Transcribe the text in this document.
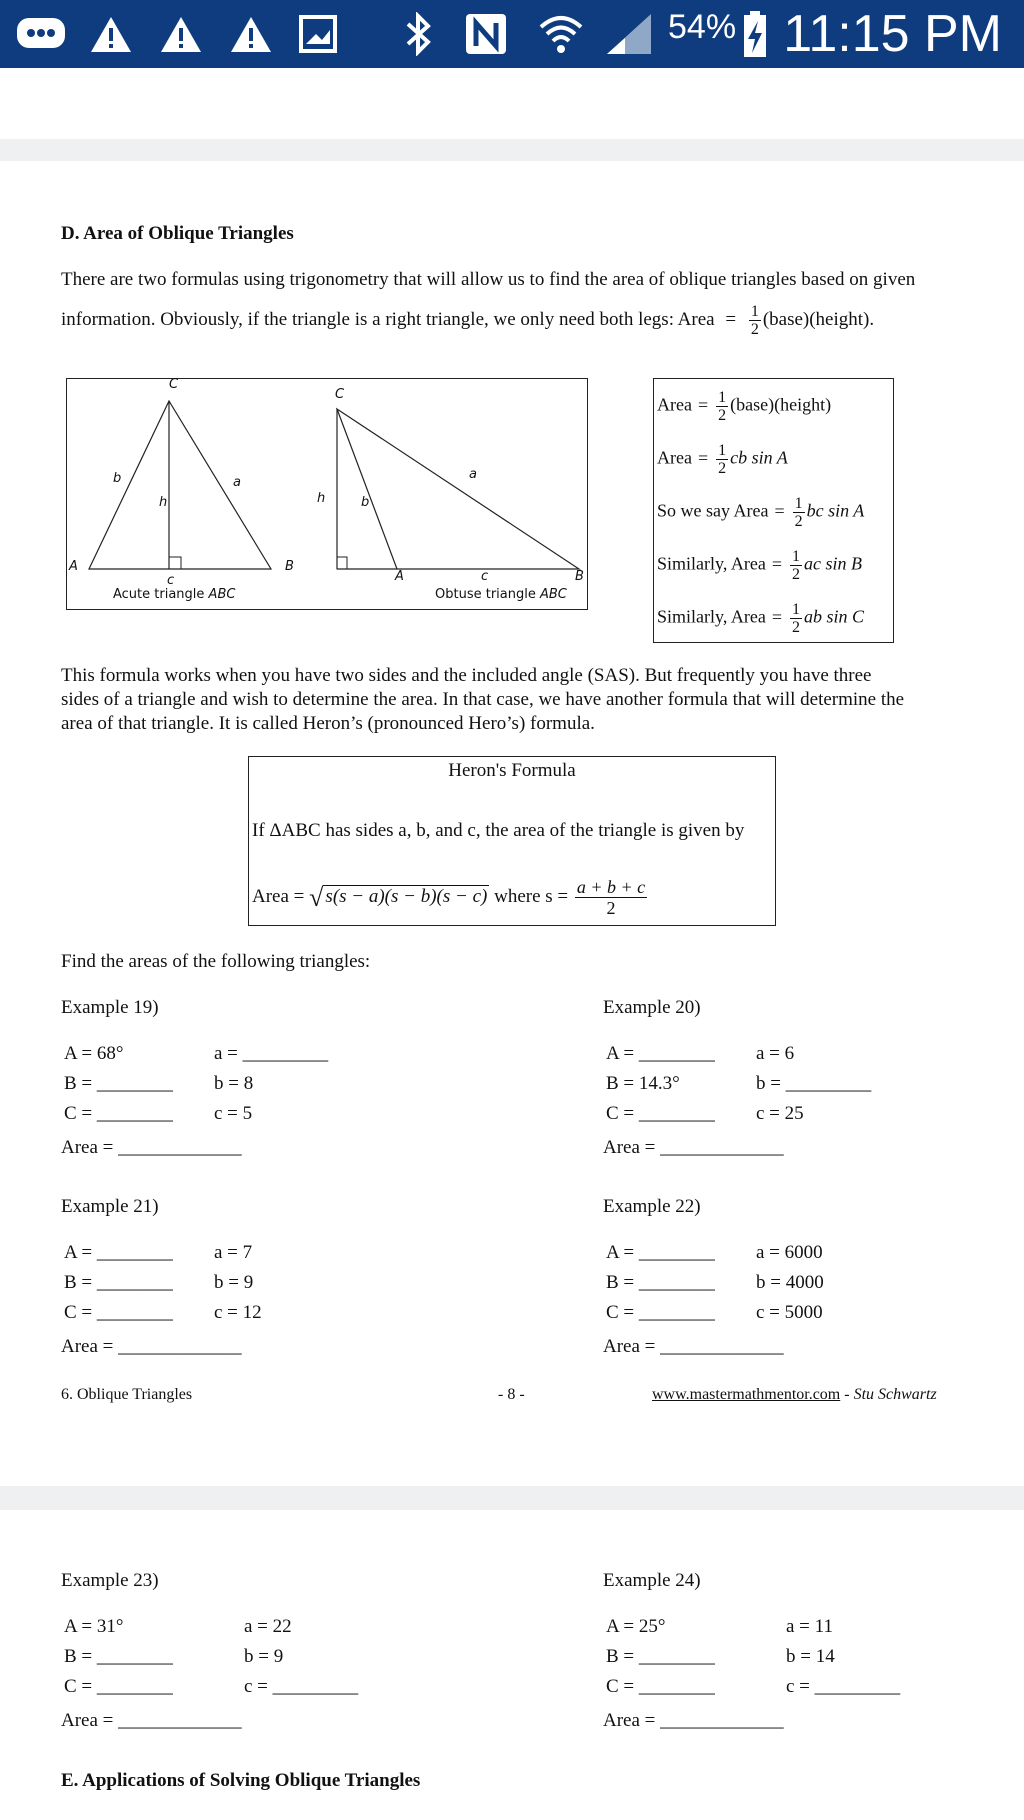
54% 11:15 PM
D. Area of Oblique Triangles
There are two formulas using trigonometry that will allow us to find the area of oblique triangles based on given
information. Obviously, if the triangle is a right triangle, we only need both legs: Area = $\frac{1}{2}$ (base)(height).
C
b	a
h
A	B
c
Acute triangle ABC
C
h	b
a
A	c	B
Obtuse triangle ABC
Area = $\frac{1}{2}$ (base)(height)
Area = $\frac{1}{2}$ cb sin A
So we say Area = $\frac{1}{2}$ bc sin A
Similarly, Area = $\frac{1}{2}$ ac sin B
Similarly, Area = $\frac{1}{2}$ ab sin C
This formula works when you have two sides and the included angle (SAS). But frequently you have three
sides of a triangle and wish to determine the area. In that case, we have another formula that will determine the
area of that triangle. It is called Heron’s (pronounced Hero’s) formula.
Heron's Formula
If ΔABC has sides a, b, and c, the area of the triangle is given by
Area = √ s(s − a)(s − b)(s − c) where $s = \frac{a + b + c}{2}$
Find the areas of the following triangles:
Example 19)
A = 68°	a = _________
B = ________ b = 8
C = ________ c = 5
Area = _____________
Example 20)
A = ________ a = 6
B = 14.3°	b = _________
C = ________ c = 25
Area = _____________
Example 21)
A = ________ a = 7
B = ________ b = 9
C = ________ c = 12
Area = _____________
Example 22)
A = ________ a = 6000
B = ________ b = 4000
C = ________ c = 5000
Area = _____________
6. Oblique Triangles	- 8 -	www.mastermathmentor.com - Stu Schwartz
Example 23)
A = 31°	a = 22
B = ________	b = 9
C = ________	c = _________
Area = _____________
Example 24)
A = 25°	a = 11
B = ________	b = 14
C = ________	c = _________
Area = _____________
E. Applications of Solving Oblique Triangles
